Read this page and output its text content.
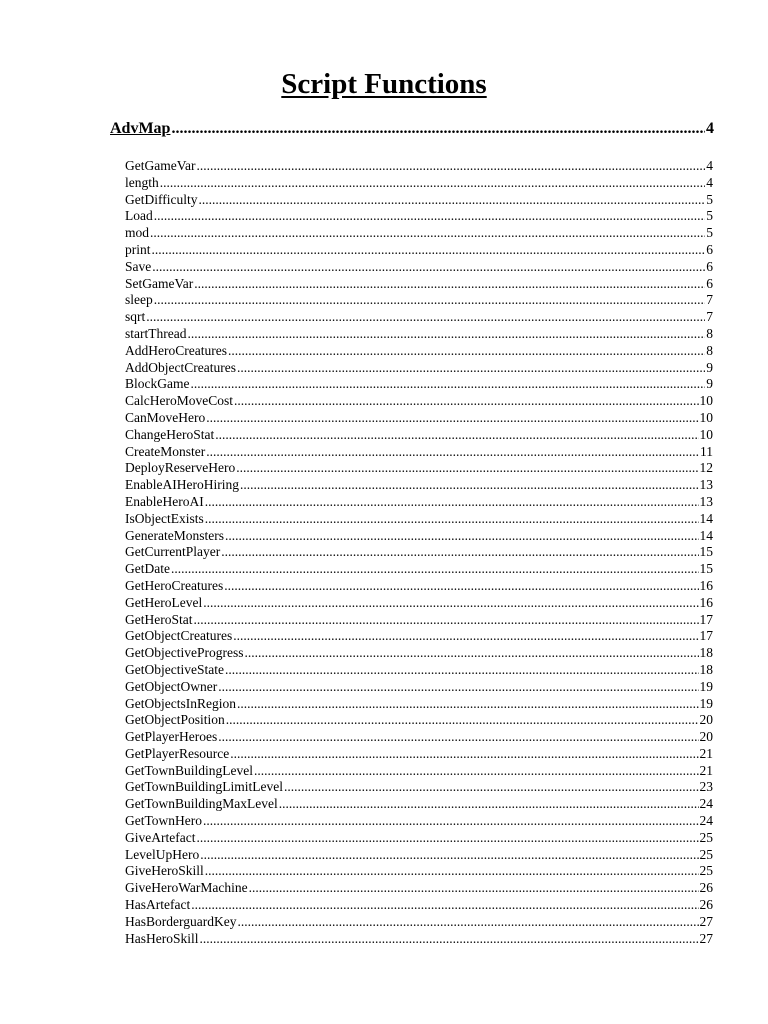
Script Functions
AdvMap .....	4
GetGameVar .....	4
length .....	4
GetDifficulty .....	5
Load .....	5
mod .....	5
print .....	6
Save .....	6
SetGameVar .....	6
sleep .....	7
sqrt .....	7
startThread .....	8
AddHeroCreatures .....	8
AddObjectCreatures .....	9
BlockGame .....	9
CalcHeroMoveCost .....	10
CanMoveHero .....	10
ChangeHeroStat .....	10
CreateMonster .....	11
DeployReserveHero .....	12
EnableAIHeroHiring .....	13
EnableHeroAI .....	13
IsObjectExists .....	14
GenerateMonsters .....	14
GetCurrentPlayer .....	15
GetDate .....	15
GetHeroCreatures .....	16
GetHeroLevel .....	16
GetHeroStat .....	17
GetObjectCreatures .....	17
GetObjectiveProgress .....	18
GetObjectiveState .....	18
GetObjectOwner .....	19
GetObjectsInRegion .....	19
GetObjectPosition .....	20
GetPlayerHeroes .....	20
GetPlayerResource .....	21
GetTownBuildingLevel .....	21
GetTownBuildingLimitLevel .....	23
GetTownBuildingMaxLevel .....	24
GetTownHero .....	24
GiveArtefact .....	25
LevelUpHero .....	25
GiveHeroSkill .....	25
GiveHeroWarMachine .....	26
HasArtefact .....	26
HasBorderguardKey .....	27
HasHeroSkill .....	27
